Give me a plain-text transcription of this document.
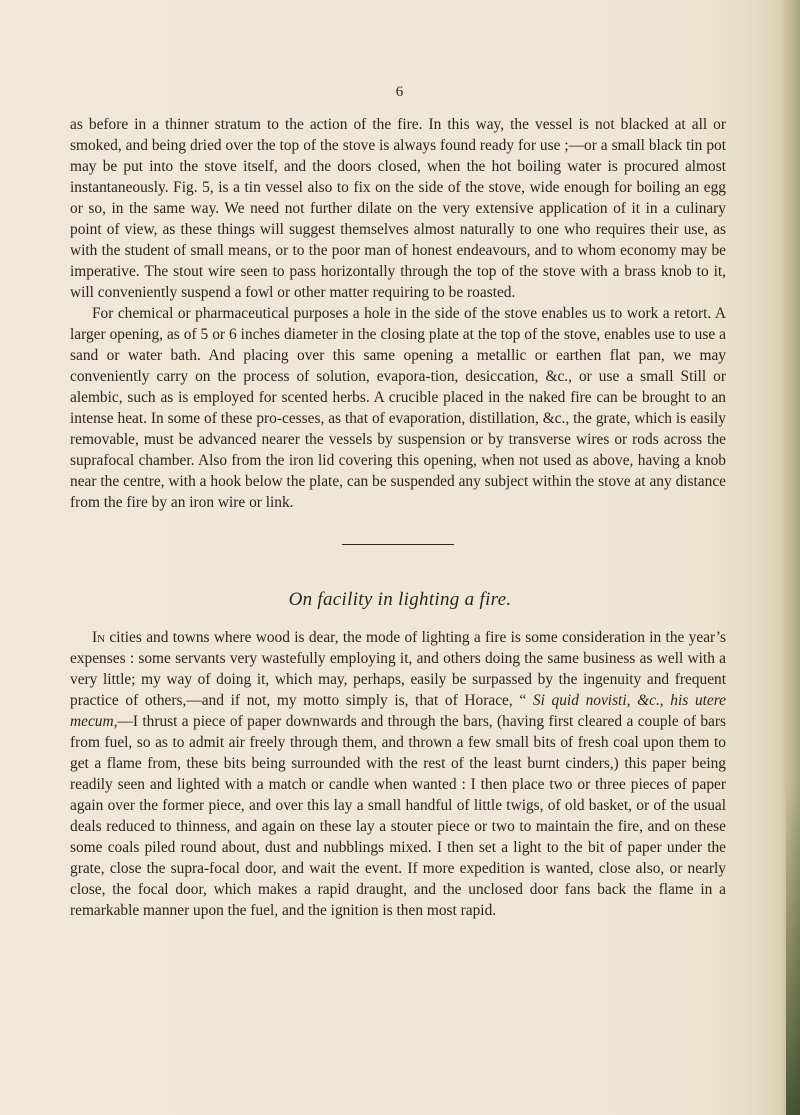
6

as before in a thinner stratum to the action of the fire. In this way, the vessel is not blacked at all or smoked, and being dried over the top of the stove is always found ready for use ;—or a small black tin pot may be put into the stove itself, and the doors closed, when the hot boiling water is procured almost instantaneously. Fig. 5, is a tin vessel also to fix on the side of the stove, wide enough for boiling an egg or so, in the same way. We need not further dilate on the very extensive application of it in a culinary point of view, as these things will suggest themselves almost naturally to one who requires their use, as with the student of small means, or to the poor man of honest endeavours, and to whom economy may be imperative. The stout wire seen to pass horizontally through the top of the stove with a brass knob to it, will conveniently suspend a fowl or other matter requiring to be roasted.

For chemical or pharmaceutical purposes a hole in the side of the stove enables us to work a retort. A larger opening, as of 5 or 6 inches diameter in the closing plate at the top of the stove, enables use to use a sand or water bath. And placing over this same opening a metallic or earthen flat pan, we may conveniently carry on the process of solution, evapora-tion, desiccation, &c., or use a small Still or alembic, such as is employed for scented herbs. A crucible placed in the naked fire can be brought to an intense heat. In some of these pro-cesses, as that of evaporation, distillation, &c., the grate, which is easily removable, must be advanced nearer the vessels by suspension or by transverse wires or rods across the suprafocal chamber. Also from the iron lid covering this opening, when not used as above, having a knob near the centre, with a hook below the plate, can be suspended any subject within the stove at any distance from the fire by an iron wire or link.

On facility in lighting a fire.

In cities and towns where wood is dear, the mode of lighting a fire is some consideration in the year’s expenses : some servants very wastefully employing it, and others doing the same business as well with a very little; my way of doing it, which may, perhaps, easily be surpassed by the ingenuity and frequent practice of others,—and if not, my motto simply is, that of Horace, “ Si quid novisti, &c., his utere mecum,—I thrust a piece of paper downwards and through the bars, (having first cleared a couple of bars from fuel, so as to admit air freely through them, and thrown a few small bits of fresh coal upon them to get a flame from, these bits being surrounded with the rest of the least burnt cinders,) this paper being readily seen and lighted with a match or candle when wanted : I then place two or three pieces of paper again over the former piece, and over this lay a small handful of little twigs, of old basket, or of the usual deals reduced to thinness, and again on these lay a stouter piece or two to maintain the fire, and on these some coals piled round about, dust and nubblings mixed. I then set a light to the bit of paper under the grate, close the supra-focal door, and wait the event. If more expedition is wanted, close also, or nearly close, the focal door, which makes a rapid draught, and the unclosed door fans back the flame in a remarkable manner upon the fuel, and the ignition is then most rapid.
